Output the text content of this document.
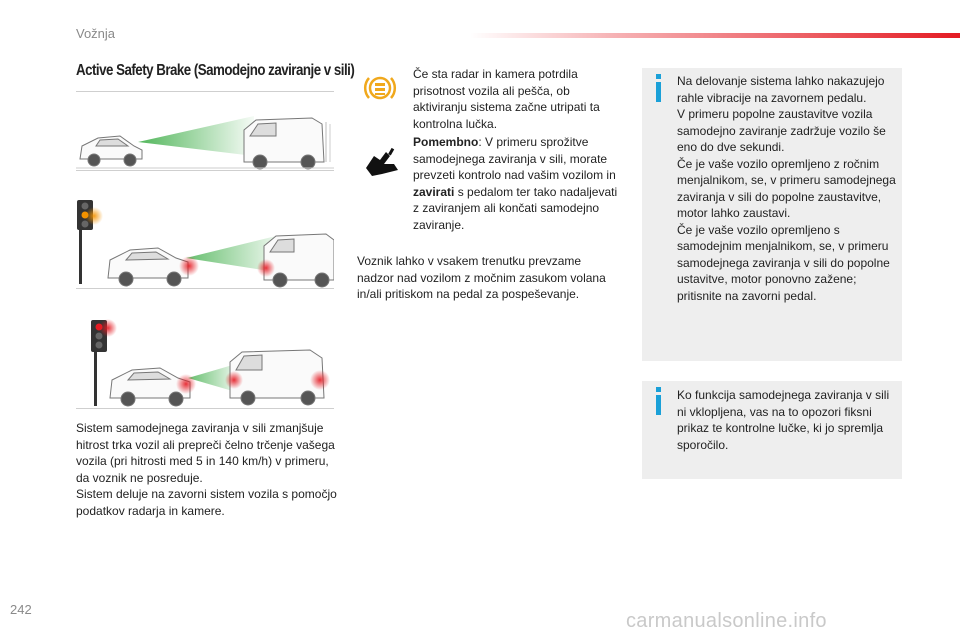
Vožnja
Active Safety Brake (Samodejno zaviranje v sili)

Sistem samodejnega zaviranja v sili zmanjšuje hitrost trka vozil ali prepreči čelno trčenje vašega vozila (pri hitrosti med 5 in 140 km/h) v primeru, da voznik ne posreduje.

Sistem deluje na zavorni sistem vozila s pomočjo podatkov radarja in kamere.

Če sta radar in kamera potrdila prisotnost vozila ali pešča, ob aktiviranju sistema začne utripati ta kontrolna lučka.
Pomembno: V primeru sprožitve samodejnega zaviranja v sili, morate prevzeti kontrolo nad vašim vozilom in zavirati s pedalom ter tako nadaljevati z zaviranjem ali končati samodejno zaviranje.
Voznik lahko v vsakem trenutku prevzame nadzor nad vozilom z močnim zasukom volana in/ali pritiskom na pedal za pospeševanje.
Na delovanje sistema lahko nakazujejo rahle vibracije na zavornem pedalu.
V primeru popolne zaustavitve vozila samodejno zaviranje zadržuje vozilo še eno do dve sekundi.
Če je vaše vozilo opremljeno z ročnim menjalnikom, se, v primeru samodejnega zaviranja v sili do popolne zaustavitve, motor lahko zaustavi.
Če je vaše vozilo opremljeno s samodejnim menjalnikom, se, v primeru samodejnega zaviranja v sili do popolne ustavitve, motor ponovno zažene; pritisnite na zavorni pedal.
Ko funkcija samodejnega zaviranja v sili ni vklopljena, vas na to opozori fiksni prikaz te kontrolne lučke, ki jo spremlja sporočilo.
242
carmanualsonline.info
